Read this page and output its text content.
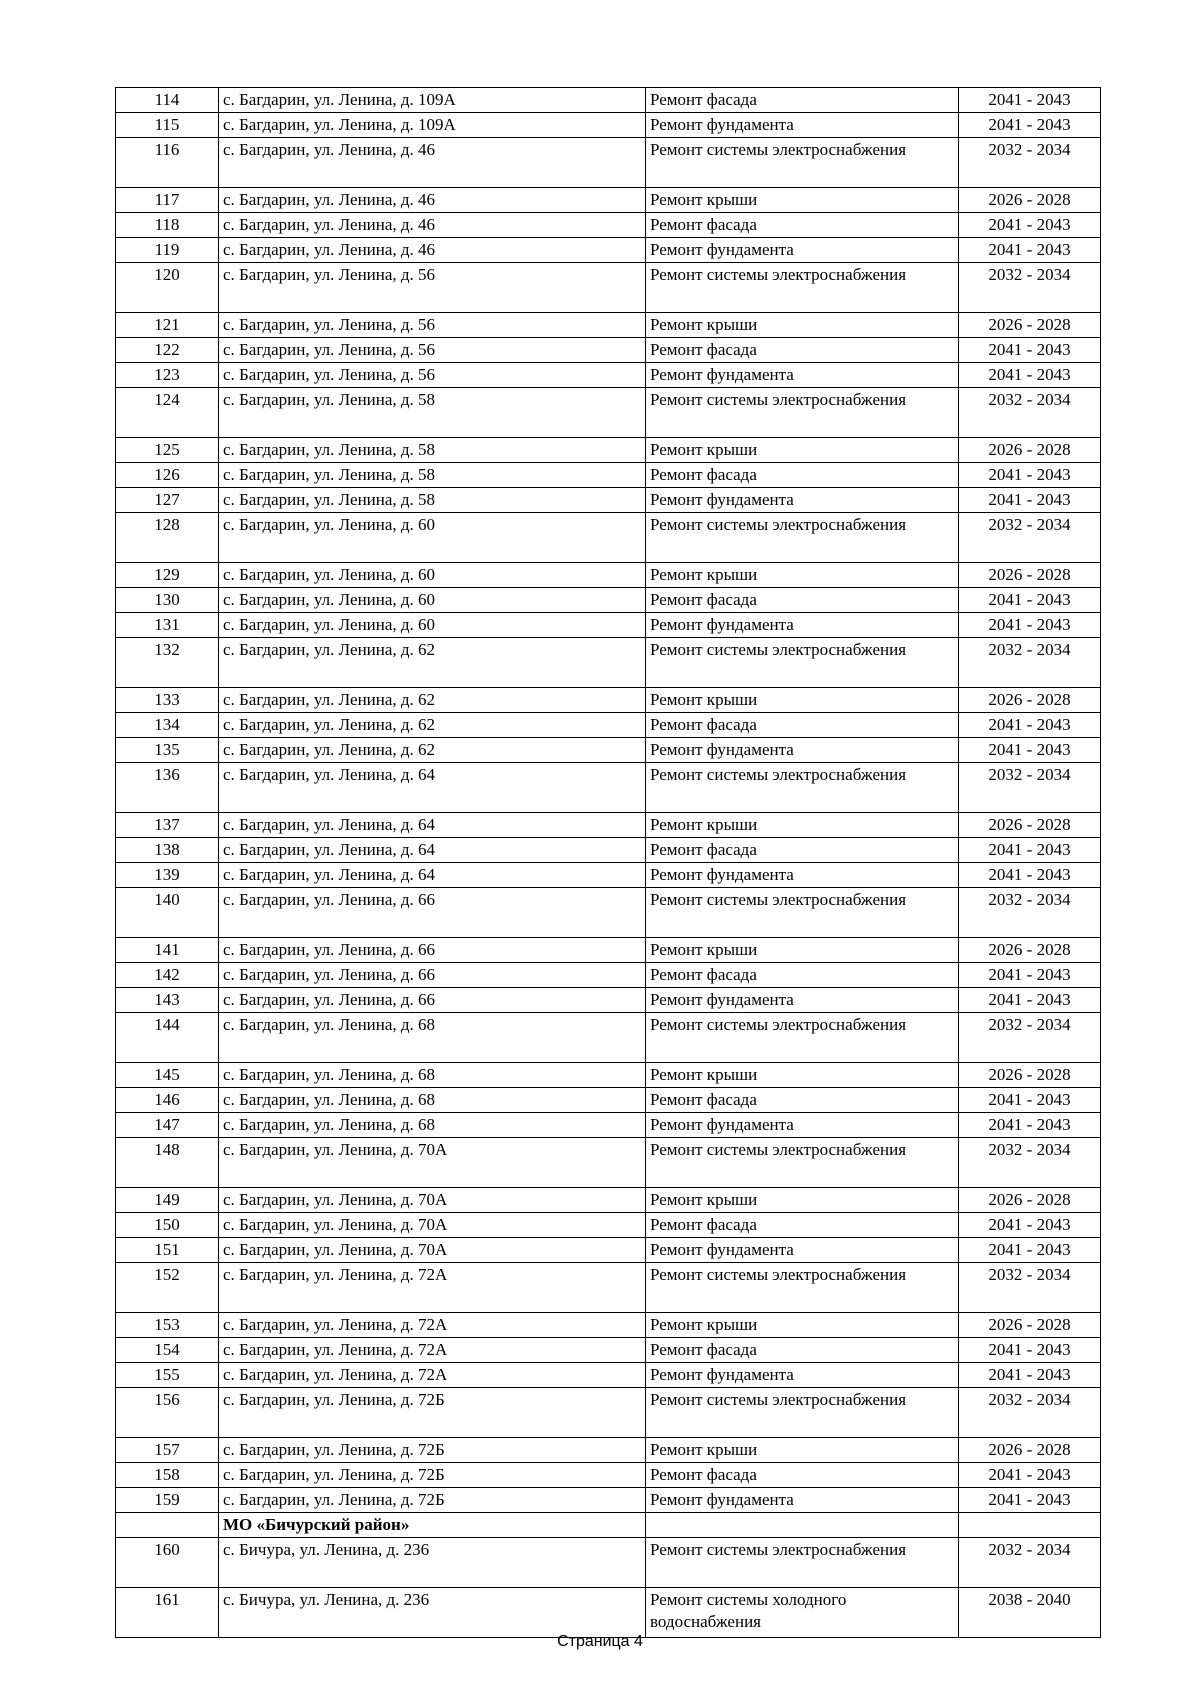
114	с. Багдарин, ул. Ленина, д. 109А	Ремонт фасада	2041 - 2043
115	с. Багдарин, ул. Ленина, д. 109А	Ремонт фундамента	2041 - 2043
116	с. Багдарин, ул. Ленина, д. 46	Ремонт системы электроснабжения	2032 - 2034
117	с. Багдарин, ул. Ленина, д. 46	Ремонт крыши	2026 - 2028
118	с. Багдарин, ул. Ленина, д. 46	Ремонт фасада	2041 - 2043
119	с. Багдарин, ул. Ленина, д. 46	Ремонт фундамента	2041 - 2043
120	с. Багдарин, ул. Ленина, д. 56	Ремонт системы электроснабжения	2032 - 2034
121	с. Багдарин, ул. Ленина, д. 56	Ремонт крыши	2026 - 2028
122	с. Багдарин, ул. Ленина, д. 56	Ремонт фасада	2041 - 2043
123	с. Багдарин, ул. Ленина, д. 56	Ремонт фундамента	2041 - 2043
124	с. Багдарин, ул. Ленина, д. 58	Ремонт системы электроснабжения	2032 - 2034
125	с. Багдарин, ул. Ленина, д. 58	Ремонт крыши	2026 - 2028
126	с. Багдарин, ул. Ленина, д. 58	Ремонт фасада	2041 - 2043
127	с. Багдарин, ул. Ленина, д. 58	Ремонт фундамента	2041 - 2043
128	с. Багдарин, ул. Ленина, д. 60	Ремонт системы электроснабжения	2032 - 2034
129	с. Багдарин, ул. Ленина, д. 60	Ремонт крыши	2026 - 2028
130	с. Багдарин, ул. Ленина, д. 60	Ремонт фасада	2041 - 2043
131	с. Багдарин, ул. Ленина, д. 60	Ремонт фундамента	2041 - 2043
132	с. Багдарин, ул. Ленина, д. 62	Ремонт системы электроснабжения	2032 - 2034
133	с. Багдарин, ул. Ленина, д. 62	Ремонт крыши	2026 - 2028
134	с. Багдарин, ул. Ленина, д. 62	Ремонт фасада	2041 - 2043
135	с. Багдарин, ул. Ленина, д. 62	Ремонт фундамента	2041 - 2043
136	с. Багдарин, ул. Ленина, д. 64	Ремонт системы электроснабжения	2032 - 2034
137	с. Багдарин, ул. Ленина, д. 64	Ремонт крыши	2026 - 2028
138	с. Багдарин, ул. Ленина, д. 64	Ремонт фасада	2041 - 2043
139	с. Багдарин, ул. Ленина, д. 64	Ремонт фундамента	2041 - 2043
140	с. Багдарин, ул. Ленина, д. 66	Ремонт системы электроснабжения	2032 - 2034
141	с. Багдарин, ул. Ленина, д. 66	Ремонт крыши	2026 - 2028
142	с. Багдарин, ул. Ленина, д. 66	Ремонт фасада	2041 - 2043
143	с. Багдарин, ул. Ленина, д. 66	Ремонт фундамента	2041 - 2043
144	с. Багдарин, ул. Ленина, д. 68	Ремонт системы электроснабжения	2032 - 2034
145	с. Багдарин, ул. Ленина, д. 68	Ремонт крыши	2026 - 2028
146	с. Багдарин, ул. Ленина, д. 68	Ремонт фасада	2041 - 2043
147	с. Багдарин, ул. Ленина, д. 68	Ремонт фундамента	2041 - 2043
148	с. Багдарин, ул. Ленина, д. 70А	Ремонт системы электроснабжения	2032 - 2034
149	с. Багдарин, ул. Ленина, д. 70А	Ремонт крыши	2026 - 2028
150	с. Багдарин, ул. Ленина, д. 70А	Ремонт фасада	2041 - 2043
151	с. Багдарин, ул. Ленина, д. 70А	Ремонт фундамента	2041 - 2043
152	с. Багдарин, ул. Ленина, д. 72А	Ремонт системы электроснабжения	2032 - 2034
153	с. Багдарин, ул. Ленина, д. 72А	Ремонт крыши	2026 - 2028
154	с. Багдарин, ул. Ленина, д. 72А	Ремонт фасада	2041 - 2043
155	с. Багдарин, ул. Ленина, д. 72А	Ремонт фундамента	2041 - 2043
156	с. Багдарин, ул. Ленина, д. 72Б	Ремонт системы электроснабжения	2032 - 2034
157	с. Багдарин, ул. Ленина, д. 72Б	Ремонт крыши	2026 - 2028
158	с. Багдарин, ул. Ленина, д. 72Б	Ремонт фасада	2041 - 2043
159	с. Багдарин, ул. Ленина, д. 72Б	Ремонт фундамента	2041 - 2043
	МО «Бичурский район»		
160	с. Бичура, ул. Ленина, д. 236	Ремонт системы электроснабжения	2032 - 2034
161	с. Бичура, ул. Ленина, д. 236	Ремонт системы холодного водоснабжения	2038 - 2040
Страница 4
